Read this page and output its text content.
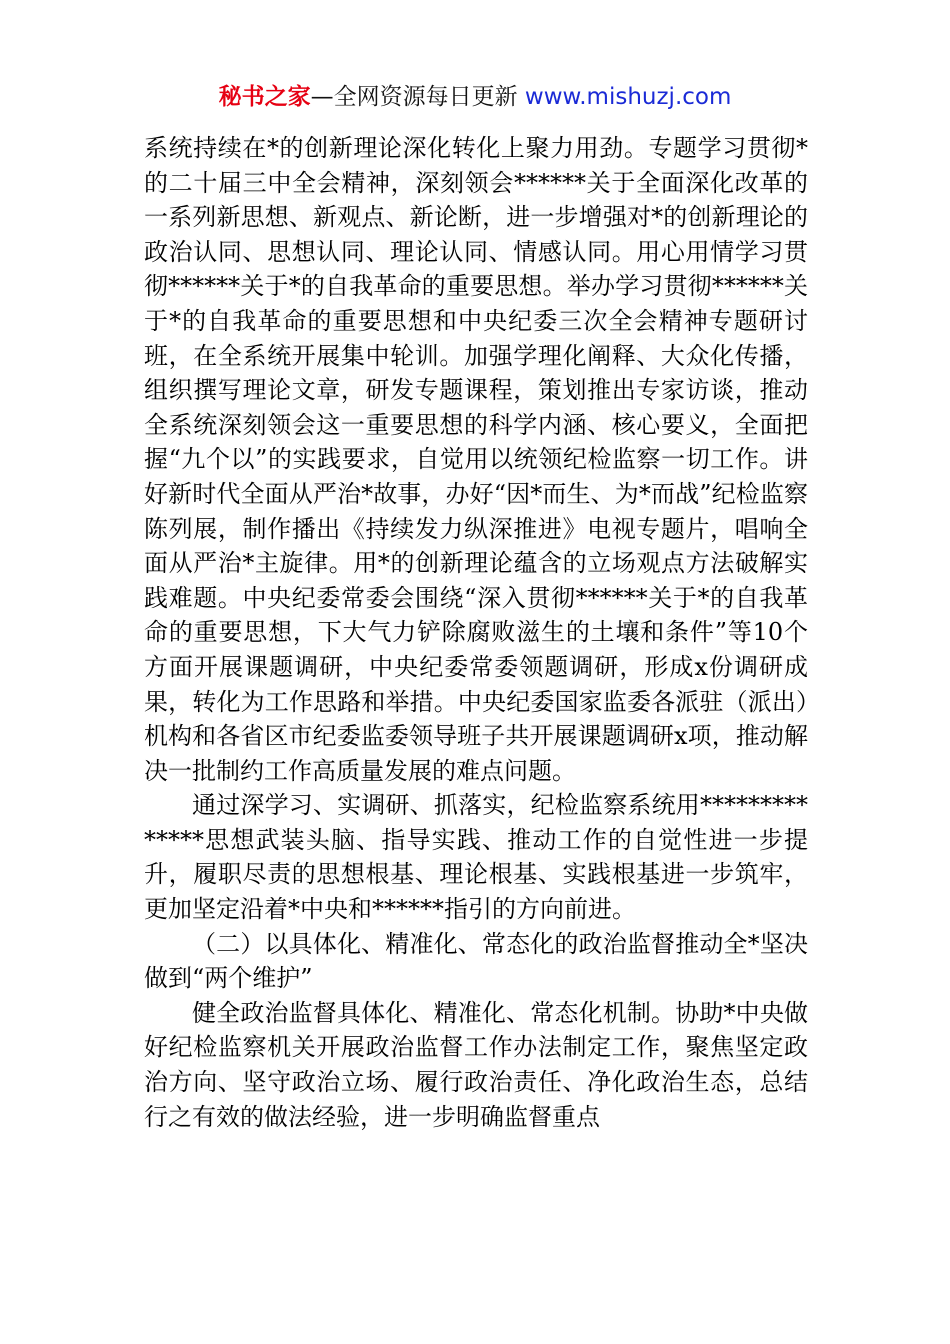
秘书之家—全网资源每日更新 www.mishuzj.com

系统持续在*的创新理论深化转化上聚力用劲。专题学习贯彻*的二十届三中全会精神，深刻领会******关于全面深化改革的一系列新思想、新观点、新论断，进一步增强对*的创新理论的政治认同、思想认同、理论认同、情感认同。用心用情学习贯彻******关于*的自我革命的重要思想。举办学习贯彻******关于*的自我革命的重要思想和中央纪委三次全会精神专题研讨班，在全系统开展集中轮训。加强学理化阐释、大众化传播，组织撰写理论文章，研发专题课程，策划推出专家访谈，推动全系统深刻领会这一重要思想的科学内涵、核心要义，全面把握“九个以”的实践要求，自觉用以统领纪检监察一切工作。讲好新时代全面从严治*故事，办好“因*而生、为*而战”纪检监察陈列展，制作播出《持续发力纵深推进》电视专题片，唱响全面从严治*主旋律。用*的创新理论蕴含的立场观点方法破解实践难题。中央纪委常委会围绕“深入贯彻******关于*的自我革命的重要思想，下大气力铲除腐败滋生的土壤和条件”等10个方面开展课题调研，中央纪委常委领题调研，形成x份调研成果，转化为工作思路和举措。中央纪委国家监委各派驻（派出）机构和各省区市纪委监委领导班子共开展课题调研x项，推动解决一批制约工作高质量发展的难点问题。

通过深学习、实调研、抓落实，纪检监察系统用**************思想武装头脑、指导实践、推动工作的自觉性进一步提升，履职尽责的思想根基、理论根基、实践根基进一步筑牢，更加坚定沿着*中央和******指引的方向前进。

（二）以具体化、精准化、常态化的政治监督推动全*坚决做到“两个维护”

健全政治监督具体化、精准化、常态化机制。协助*中央做好纪检监察机关开展政治监督工作办法制定工作，聚焦坚定政治方向、坚守政治立场、履行政治责任、净化政治生态，总结行之有效的做法经验，进一步明确监督重点
